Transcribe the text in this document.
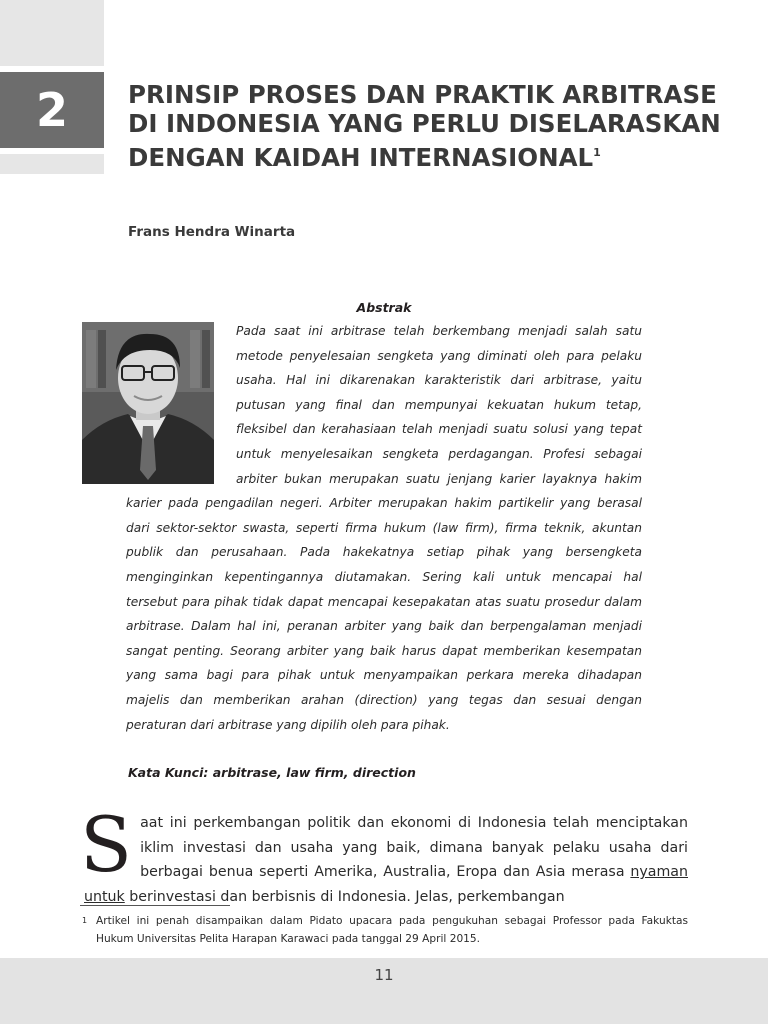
2	PRINSIP PROSES DAN PRAKTIK ARBITRASE DI INDONESIA YANG PERLU DISELARASKAN DENGAN KAIDAH INTERNASIONAL$^1$
Frans Hendra Winarta
Abstrak

Pada saat ini arbitrase telah berkembang menjadi salah satu metode penyelesaian sengketa yang diminati oleh para pelaku usaha. Hal ini dikarenakan karakteristik dari arbitrase, yaitu putusan yang final dan mempunyai kekuatan hukum tetap, fleksibel dan kerahasiaan telah menjadi suatu solusi yang tepat untuk menyelesaikan sengketa perdagangan. Profesi sebagai arbiter bukan merupakan suatu jenjang karier layaknya hakim karier pada pengadilan negeri. Arbiter merupakan hakim partikelir yang berasal dari sektor-sektor swasta, seperti firma hukum (law firm), firma teknik, akuntan publik dan perusahaan. Pada hakekatnya setiap pihak yang bersengketa menginginkan kepentingannya diutamakan. Sering kali untuk mencapai hal tersebut para pihak tidak dapat mencapai kesepakatan atas suatu prosedur dalam arbitrase. Dalam hal ini, peranan arbiter yang baik dan berpengalaman menjadi sangat penting. Seorang arbiter yang baik harus dapat memberikan kesempatan yang sama bagi para pihak untuk menyampaikan perkara mereka dihadapan majelis dan memberikan arahan (direction) yang tegas dan sesuai dengan peraturan dari arbitrase yang dipilih oleh para pihak.

Kata Kunci: arbitrase, law firm, direction

Saat ini perkembangan politik dan ekonomi di Indonesia telah menciptakan iklim investasi dan usaha yang baik, dimana banyak pelaku usaha dari berbagai benua seperti Amerika, Australia, Eropa dan Asia merasa nyaman untuk berinvestasi dan berbisnis di Indonesia. Jelas, perkembangan

1 Artikel ini penah disampaikan dalam Pidato upacara pada pengukuhan sebagai Professor pada Fakuktas Hukum Universitas Pelita Harapan Karawaci pada tanggal 29 April 2015.

11
